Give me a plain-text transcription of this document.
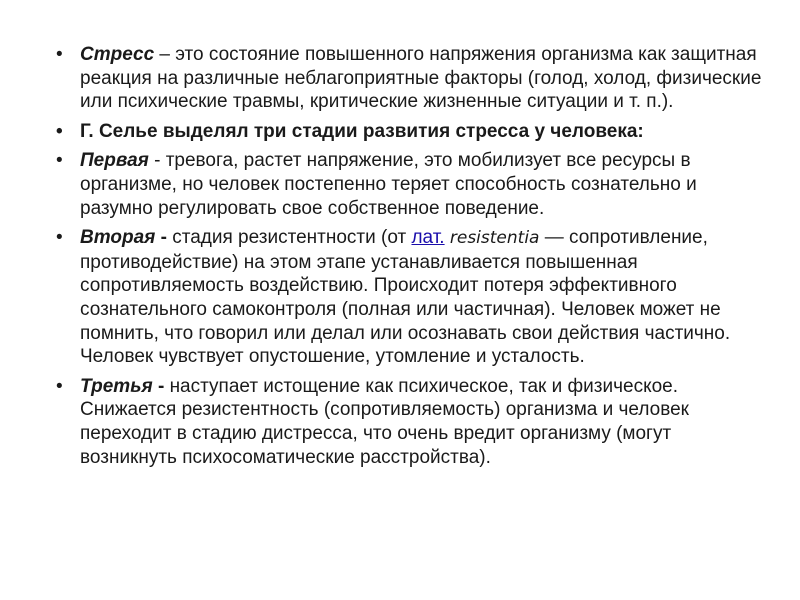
• Стресс – это состояние повышенного напряжения организма как защитная реакция на различные неблагоприятные факторы (голод, холод, физические или психические травмы, критические жизненные ситуации и т. п.).
• Г. Селье выделял три стадии развития стресса у человека:
• Первая - тревога, растет напряжение, это мобилизует все ресурсы в организме, но человек постепенно теряет способность сознательно и разумно регулировать свое собственное поведение.
• Вторая - стадия резистентности (от лат. resistentia — сопротивление, противодействие) на этом этапе устанавливается повышенная сопротивляемость воздействию. Происходит потеря эффективного сознательного самоконтроля (полная или частичная). Человек может не помнить, что говорил или делал или осознавать свои действия частично. Человек чувствует опустошение, утомление и усталость.
• Третья - наступает истощение как психическое, так и физическое. Снижается резистентность (сопротивляемость) организма и человек переходит в стадию дистресса, что очень вредит организму (могут возникнуть психосоматические расстройства).
